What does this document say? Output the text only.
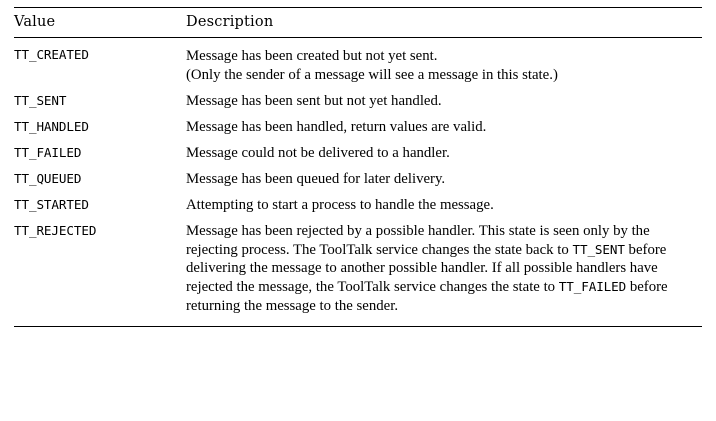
Value	Description

TT_CREATED	Message has been created but not yet sent.
(Only the sender of a message will see a message in this state.)

TT_SENT	Message has been sent but not yet handled.

TT_HANDLED	Message has been handled, return values are valid.

TT_FAILED	Message could not be delivered to a handler.

TT_QUEUED	Message has been queued for later delivery.

TT_STARTED	Attempting to start a process to handle the message.

TT_REJECTED	Message has been rejected by a possible handler. This state is seen only by the rejecting process. The ToolTalk service changes the state back to TT_SENT before delivering the message to another possible handler. If all possible handlers have rejected the message, the ToolTalk service changes the state to TT_FAILED before returning the message to the sender.
